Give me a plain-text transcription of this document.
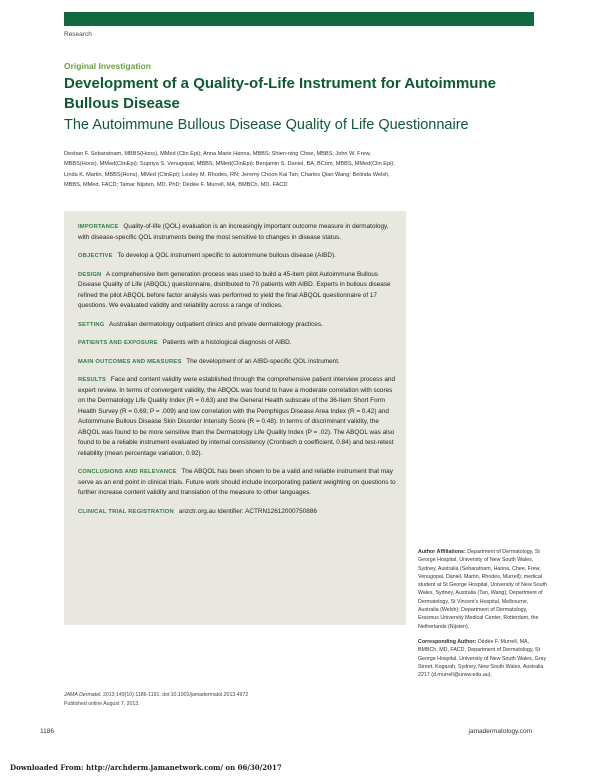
Research
Original Investigation
Development of a Quality-of-Life Instrument for Autoimmune Bullous Disease
The Autoimmune Bullous Disease Quality of Life Questionnaire
Deshan F. Sebaratnam, MBBS(Hons), MMed (Clin Epi); Anna Marie Hanna, MBBS; Shien-ning Chee, MBBS; John W. Frew, MBBS(Hons), MMed(ClinEpi); Supriya S. Venugopal, MBBS, MMed(ClinEpi); Benjamin S. Daniel, BA, BCom, MBBS, MMed(Clin Epi); Linda K. Martin, MBBS(Hons), MMed (ClinEpi); Lesley M. Rhodes, RN; Jeremy Choon Kai Tan; Charles Qian Wang; Belinda Welsh, MBBS, MMed, FACD; Tamar Nijsten, MD, PhD; Dédée F. Murrell, MA, BMBCh, MD, FACD

IMPORTANCE Quality-of-life (QOL) evaluation is an increasingly important outcome measure in dermatology, with disease-specific QOL instruments being the most sensitive to changes in disease status.

OBJECTIVE To develop a QOL instrument specific to autoimmune bullous disease (AIBD).

DESIGN A comprehensive item generation process was used to build a 45-item pilot Autoimmune Bullous Disease Quality of Life (ABQOL) questionnaire, distributed to 70 patients with AIBD. Experts in bullous disease refined the pilot ABQOL before factor analysis was performed to yield the final ABQOL questionnaire of 17 questions. We evaluated validity and reliability across a range of indices.

SETTING Australian dermatology outpatient clinics and private dermatology practices.

PATIENTS AND EXPOSURE Patients with a histological diagnosis of AIBD.

MAIN OUTCOMES AND MEASURES The development of an AIBD-specific QOL instrument.

RESULTS Face and content validity were established through the comprehensive patient interview process and expert review. In terms of convergent validity, the ABQOL was found to have a moderate correlation with scores on the Dermatology Life Quality Index (R = 0.63) and the General Health subscale of the 36-Item Short Form Health Survey (R = 0.69; P = .009) and low correlation with the Pemphigus Disease Area Index (R = 0.42) and Autoimmune Bullous Disease Skin Disorder Intensity Score (R = 0.48). In terms of discriminant validity, the ABQOL was found to be more sensitive than the Dermatology Life Quality Index (P = .02). The ABQOL was also found to be a reliable instrument evaluated by internal consistency (Cronbach α coefficient, 0.84) and test-retest reliability (mean percentage variation, 0.92).

CONCLUSIONS AND RELEVANCE The ABQOL has been shown to be a valid and reliable instrument that may serve as an end point in clinical trials. Future work should include incorporating patient weighting on questions to further increase content validity and translation of the measure to other languages.

CLINICAL TRIAL REGISTRATION anzctr.org.au Identifier: ACTRN12612000750886

JAMA Dermatol. 2013;149(10):1186-1191. doi:10.1001/jamadermatol.2013.4972
Published online August 7, 2013.
Author Affiliations: Department of Dermatology, St George Hospital, University of New South Wales, Sydney, Australia (Sebaratnam, Hanna, Chee, Frew, Venugopal, Daniel, Martin, Rhodes, Murrell); medical student at St George Hospital, University of New South Wales, Sydney, Australia (Tan, Wang); Department of Dermatology, St Vincent's Hospital, Melbourne, Australia (Welsh); Department of Dermatology, Erasmus University Medical Center, Rotterdam, the Netherlands (Nijsten).
Corresponding Author: Dédée F. Murrell, MA, BMBCh, MD, FACD, Department of Dermatology, St George Hospital, University of New South Wales, Gray Street, Kogarah, Sydney, New South Wales, Australia 2217 (d.murrell@unsw.edu.au).
1186	jamadermatology.com
Downloaded From: http://archderm.jamanetwork.com/ on 06/30/2017
